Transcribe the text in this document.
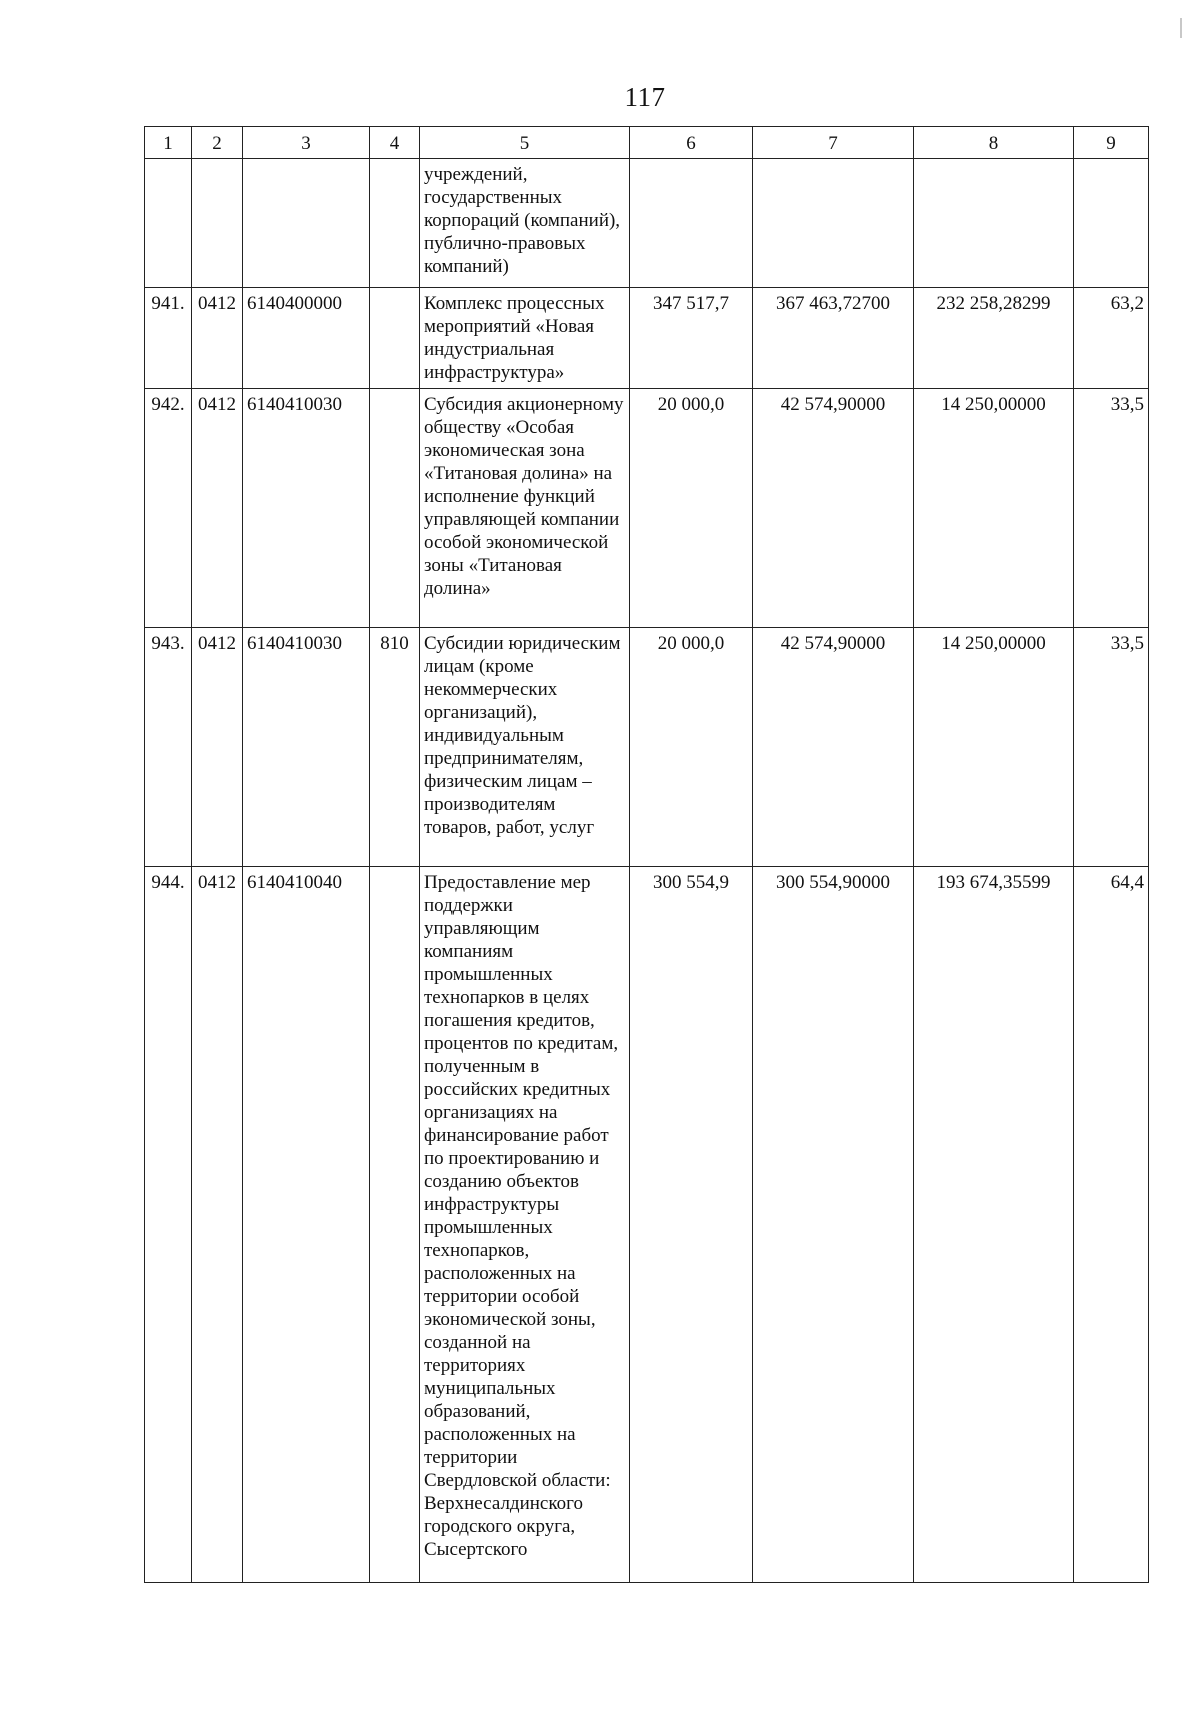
117
1	2	3	4	5	6	7	8	9
				учреждений, государственных корпораций (компаний), публично-правовых компаний)				
941.	0412	6140400000		Комплекс процессных мероприятий «Новая индустриальная инфраструктура»	347 517,7	367 463,72700	232 258,28299	63,2
942.	0412	6140410030		Субсидия акционерному обществу «Особая экономическая зона «Титановая долина» на исполнение функций управляющей компании особой экономической зоны «Титановая долина»	20 000,0	42 574,90000	14 250,00000	33,5
943.	0412	6140410030	810	Субсидии юридическим лицам (кроме некоммерческих организаций), индивидуальным предпринимателям, физическим лицам – производителям товаров, работ, услуг	20 000,0	42 574,90000	14 250,00000	33,5
944.	0412	6140410040		Предоставление мер поддержки управляющим компаниям промышленных технопарков в целях погашения кредитов, процентов по кредитам, полученным в российских кредитных организациях на финансирование работ по проектированию и созданию объектов инфраструктуры промышленных технопарков, расположенных на территории особой экономической зоны, созданной на территориях муниципальных образований, расположенных на территории Свердловской области: Верхнесалдинского городского округа, Сысертского	300 554,9	300 554,90000	193 674,35599	64,4
